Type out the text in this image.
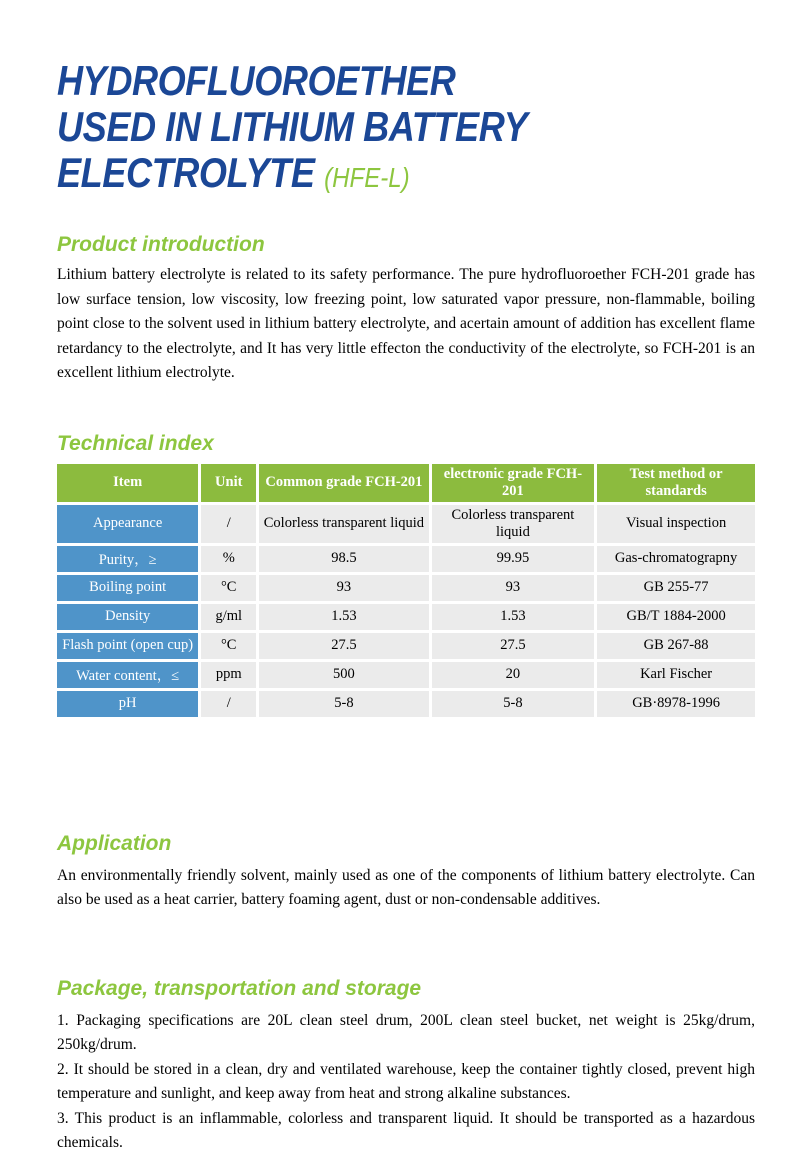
HYDROFLUOROETHER
USED IN LITHIUM BATTERY
ELECTROLYTE (HFE-L)
Product introduction

Lithium battery electrolyte is related to its safety performance. The pure hydrofluoroether FCH-201 grade has low surface tension, low viscosity, low freezing point, low saturated vapor pressure, non-flammable, boiling point close to the solvent used in lithium battery electrolyte, and acertain amount of addition has excellent flame retardancy to the electrolyte, and It has very little effecton the conductivity of the electrolyte, so FCH-201 is an excellent lithium electrolyte.

Technical index
Item	Unit	Common grade FCH-201	electronic grade FCH-201	Test method or standards
Appearance	/	Colorless transparent liquid	Colorless transparent liquid	Visual inspection
Purity，≥	%	98.5	99.95	Gas-chromatograpny
Boiling point	°C	93	93	GB 255-77
Density	g/ml	1.53	1.53	GB/T 1884-2000
Flash point (open cup)	°C	27.5	27.5	GB 267-88
Water content，≤	ppm	500	20	Karl Fischer
pH	/	5-8	5-8	GB·8978-1996
Application

An environmentally friendly solvent, mainly used as one of the components of lithium battery electrolyte. Can also be used as a heat carrier, battery foaming agent, dust or non-condensable additives.

Package, transportation and storage

1. Packaging specifications are 20L clean steel drum, 200L clean steel bucket, net weight is 25kg/drum, 250kg/drum.

2. It should be stored in a clean, dry and ventilated warehouse, keep the container tightly closed, prevent high temperature and sunlight, and keep away from heat and strong alkaline substances.

3. This product is an inflammable, colorless and transparent liquid. It should be transported as a hazardous chemicals.
